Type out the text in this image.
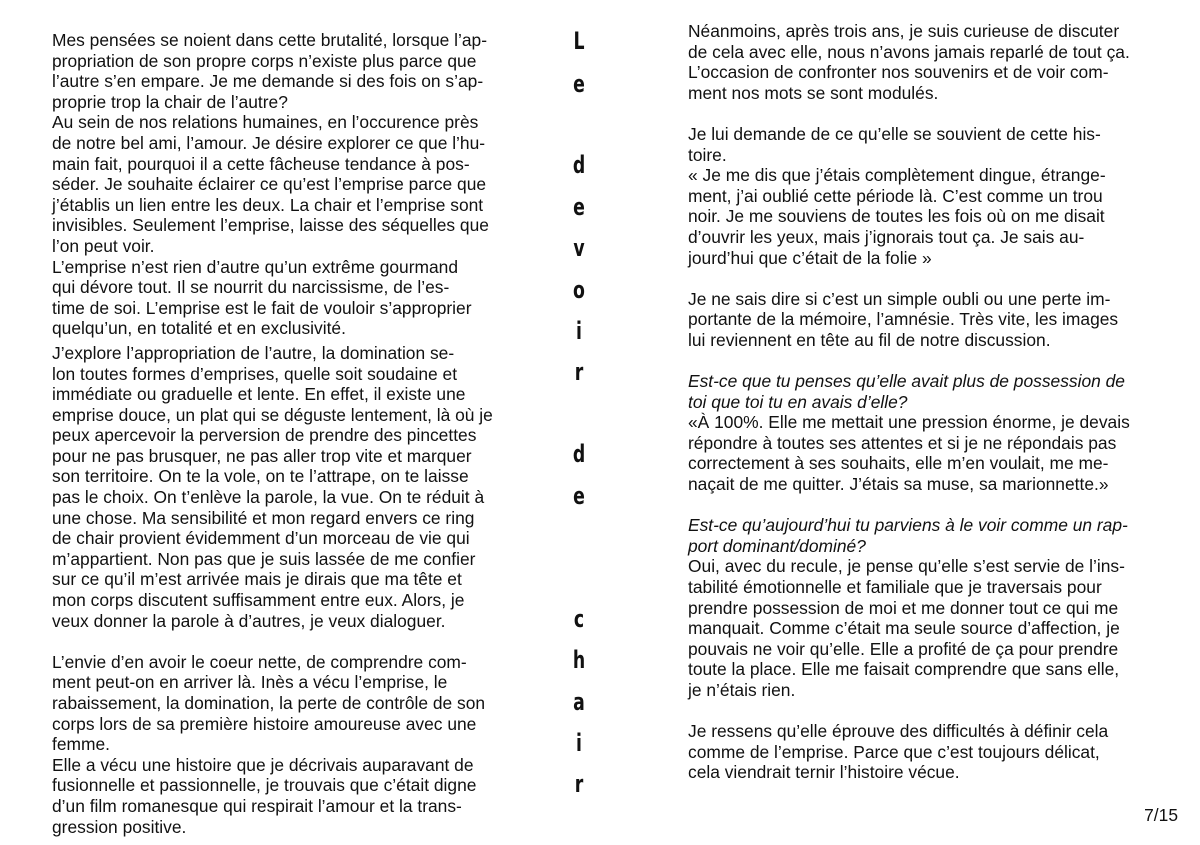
Mes pensées se noient dans cette brutalité, lorsque l’ap-
propriation de son propre corps n’existe plus parce que
l’autre s’en empare. Je me demande si des fois on s’ap-
proprie trop la chair de l’autre?
Au sein de nos relations humaines, en l’occurence près
de notre bel ami, l’amour. Je désire explorer ce que l’hu-
main fait, pourquoi il a cette fâcheuse tendance à pos-
séder. Je souhaite éclairer ce qu’est l’emprise parce que
j’établis un lien entre les deux. La chair et l’emprise sont
invisibles. Seulement l’emprise, laisse des séquelles que
l’on peut voir.
L’emprise n’est rien d’autre qu’un extrême gourmand
qui dévore tout. Il se nourrit du narcissisme, de l’es-
time de soi. L’emprise est le fait de vouloir s’approprier
quelqu’un, en totalité et en exclusivité.
J’explore l’appropriation de l’autre, la domination se-
lon toutes formes d’emprises, quelle soit soudaine et
immédiate ou graduelle et lente. En effet, il existe une
emprise douce, un plat qui se déguste lentement, là où je
peux apercevoir la perversion de prendre des pincettes
pour ne pas brusquer, ne pas aller trop vite et marquer
son territoire. On te la vole, on te l’attrape, on te laisse
pas le choix. On t’enlève la parole, la vue. On te réduit à
une chose. Ma sensibilité et mon regard envers ce ring
de chair provient évidemment d’un morceau de vie qui
m’appartient. Non pas que je suis lassée de me confier
sur ce qu’il m’est arrivée mais je dirais que ma tête et
mon corps discutent suffisamment entre eux. Alors, je
veux donner la parole à d’autres, je veux dialoguer.
L’envie d’en avoir le coeur nette, de comprendre com-
ment peut-on en arriver là. Inès a vécu l’emprise, le
rabaissement, la domination, la perte de contrôle de son
corps lors de sa première histoire amoureuse avec une
femme.
Elle a vécu une histoire que je décrivais auparavant de
fusionnelle et passionnelle, je trouvais que c’était digne
d’un film romanesque qui respirait l’amour et la trans-
gression positive.
L
e
d
e
v
o
i
r
d
e
c
h
a
i
r
Néanmoins, après trois ans, je suis curieuse de discuter
de cela avec elle, nous n’avons jamais reparlé de tout ça.
L’occasion de confronter nos souvenirs et de voir com-
ment nos mots se sont modulés.
Je lui demande de ce qu’elle se souvient de cette his-
toire.
« Je me dis que j’étais complètement dingue, étrange-
ment, j’ai oublié cette période là. C’est comme un trou
noir. Je me souviens de toutes les fois où on me disait
d’ouvrir les yeux, mais j’ignorais tout ça. Je sais au-
jourd’hui que c’était de la folie »
Je ne sais dire si c’est un simple oubli ou une perte im-
portante de la mémoire, l’amnésie. Très vite, les images
lui reviennent en tête au fil de notre discussion.
Est-ce que tu penses qu’elle avait plus de possession de
toi que toi tu en avais d’elle?
«À 100%. Elle me mettait une pression énorme, je devais
répondre à toutes ses attentes et si je ne répondais pas
correctement à ses souhaits, elle m’en voulait, me me-
naçait de me quitter. J’étais sa muse, sa marionnette.»
Est-ce qu’aujourd’hui tu parviens à le voir comme un rap-
port dominant/dominé?
Oui, avec du recule, je pense qu’elle s’est servie de l’ins-
tabilité émotionnelle et familiale que je traversais pour
prendre possession de moi et me donner tout ce qui me
manquait. Comme c’était ma seule source d’affection, je
pouvais ne voir qu’elle. Elle a profité de ça pour prendre
toute la place. Elle me faisait comprendre que sans elle,
je n’étais rien.
Je ressens qu’elle éprouve des difficultés à définir cela
comme de l’emprise. Parce que c’est toujours délicat,
cela viendrait ternir l’histoire vécue.
7/15
